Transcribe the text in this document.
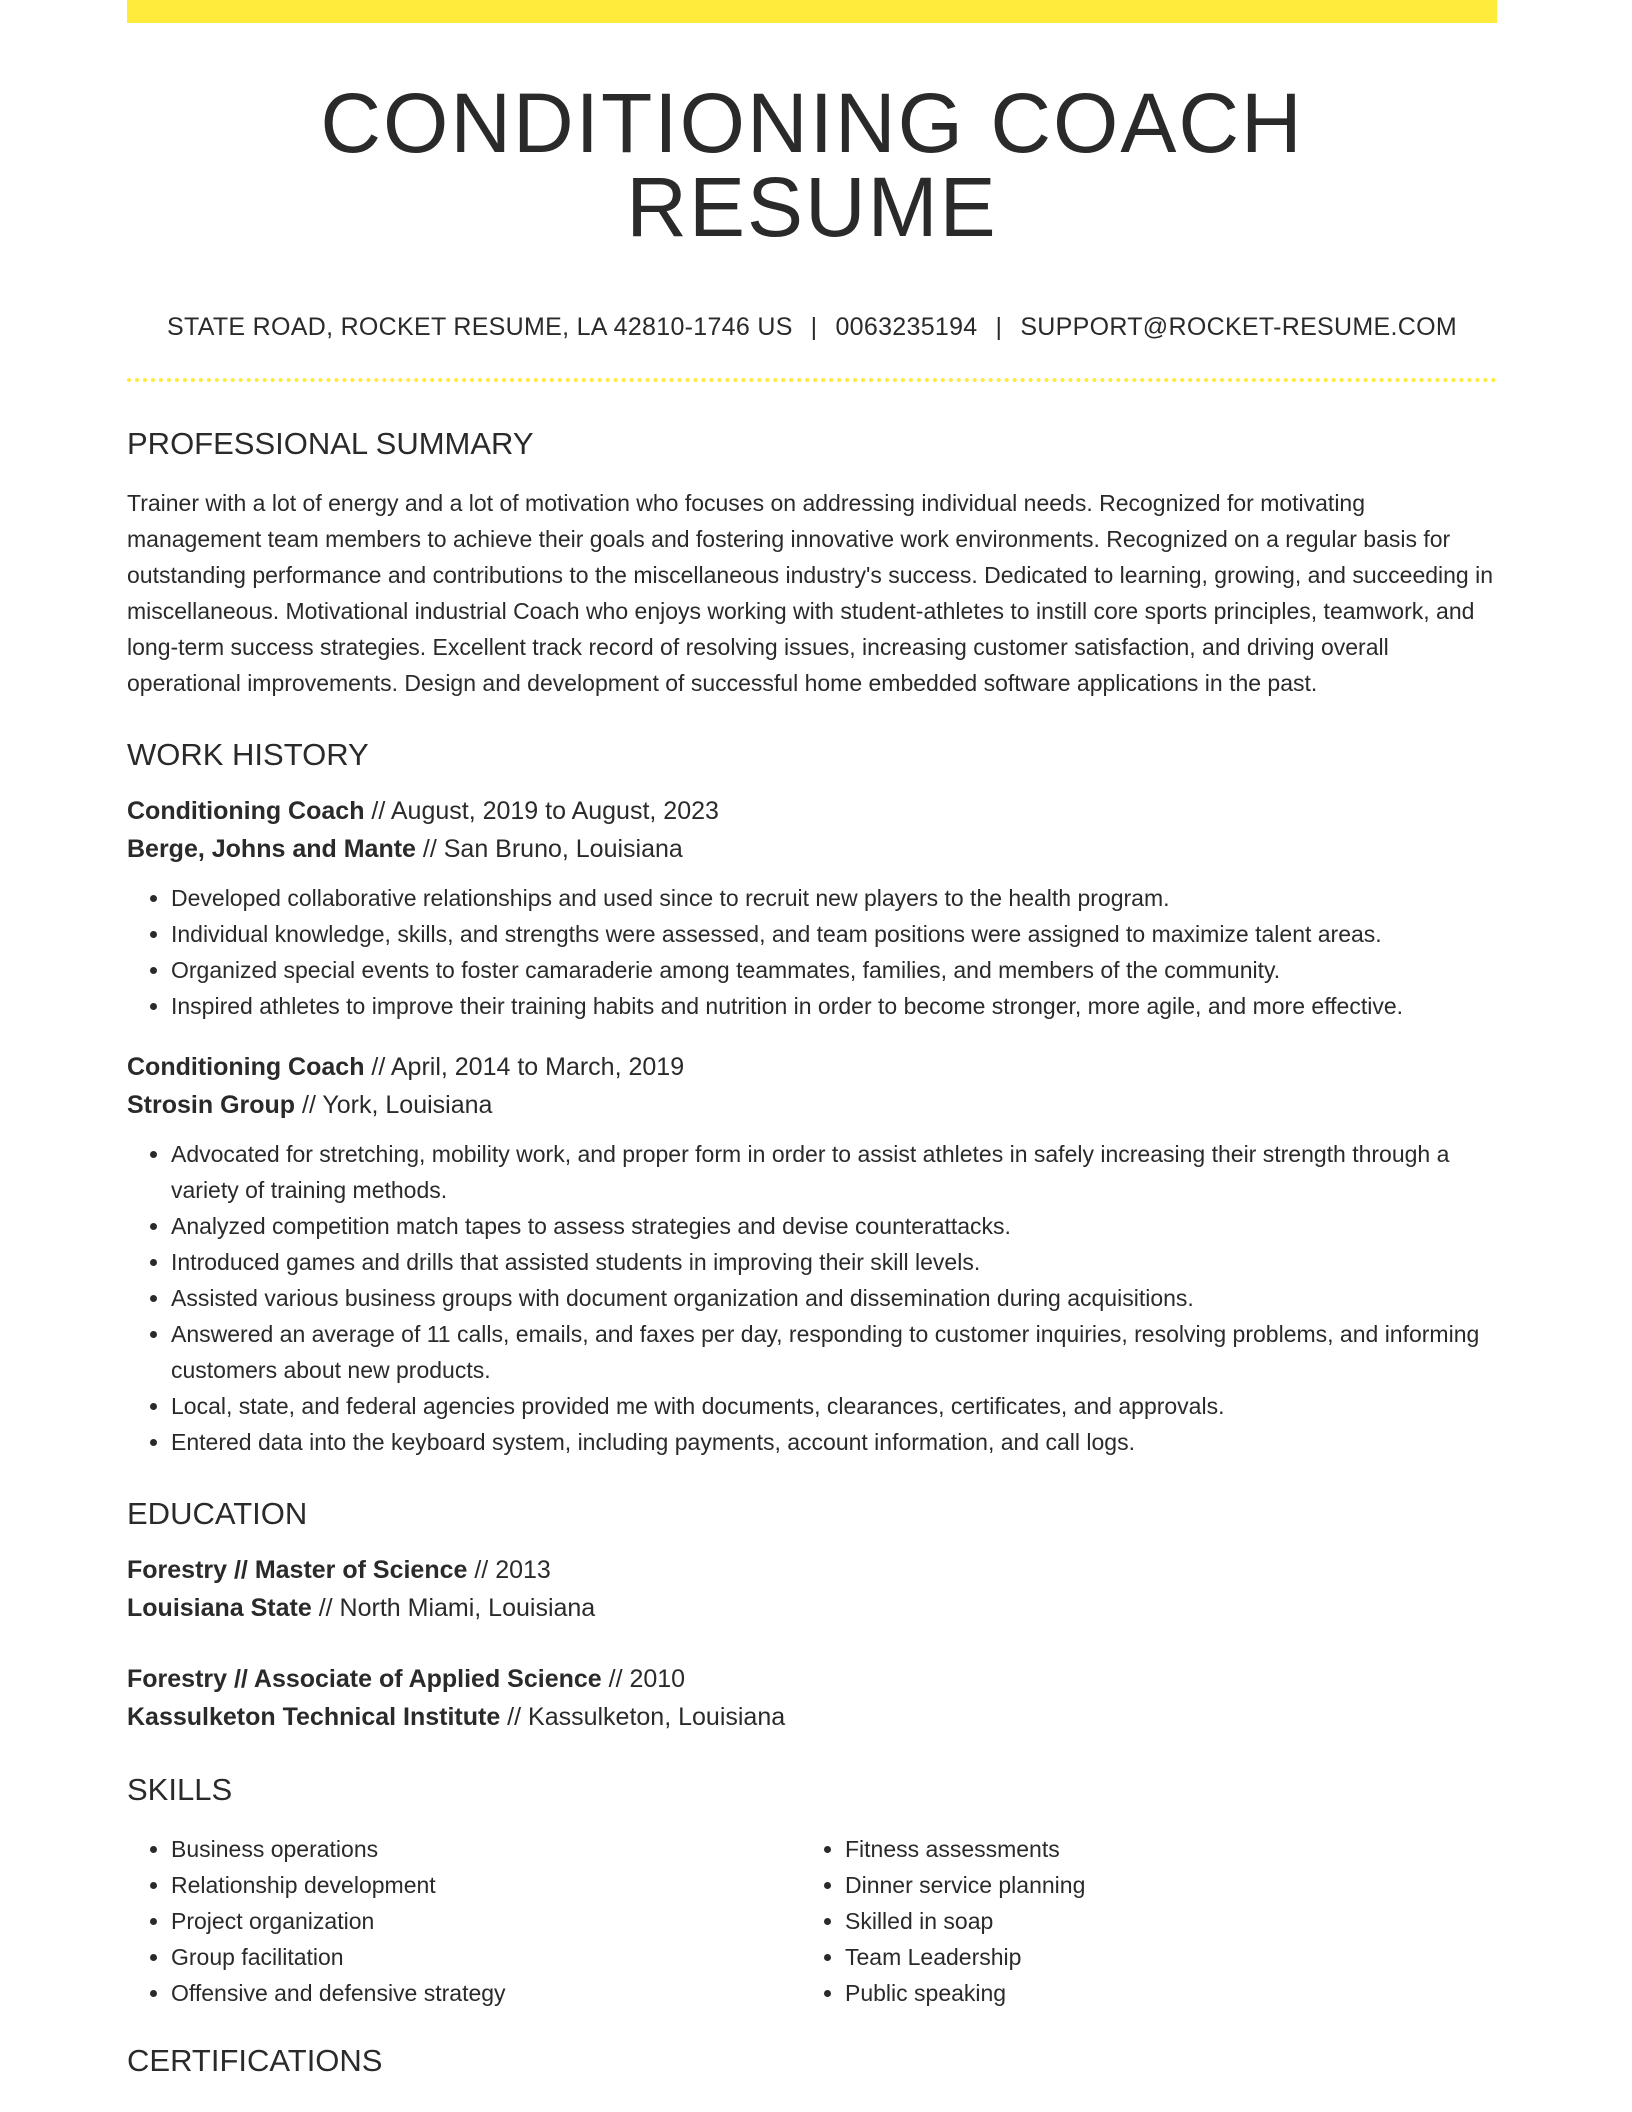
CONDITIONING COACH RESUME
STATE ROAD, ROCKET RESUME, LA 42810-1746 US | 0063235194 | SUPPORT@ROCKET-RESUME.COM
PROFESSIONAL SUMMARY

Trainer with a lot of energy and a lot of motivation who focuses on addressing individual needs. Recognized for motivating management team members to achieve their goals and fostering innovative work environments. Recognized on a regular basis for outstanding performance and contributions to the miscellaneous industry's success. Dedicated to learning, growing, and succeeding in miscellaneous. Motivational industrial Coach who enjoys working with student-athletes to instill core sports principles, teamwork, and long-term success strategies. Excellent track record of resolving issues, increasing customer satisfaction, and driving overall operational improvements. Design and development of successful home embedded software applications in the past.

WORK HISTORY
Conditioning Coach // August, 2019 to August, 2023
Berge, Johns and Mante // San Bruno, Louisiana
• Developed collaborative relationships and used since to recruit new players to the health program.
• Individual knowledge, skills, and strengths were assessed, and team positions were assigned to maximize talent areas.
• Organized special events to foster camaraderie among teammates, families, and members of the community.
• Inspired athletes to improve their training habits and nutrition in order to become stronger, more agile, and more effective.
Conditioning Coach // April, 2014 to March, 2019
Strosin Group // York, Louisiana
• Advocated for stretching, mobility work, and proper form in order to assist athletes in safely increasing their strength through a variety of training methods.
• Analyzed competition match tapes to assess strategies and devise counterattacks.
• Introduced games and drills that assisted students in improving their skill levels.
• Assisted various business groups with document organization and dissemination during acquisitions.
• Answered an average of 11 calls, emails, and faxes per day, responding to customer inquiries, resolving problems, and informing customers about new products.
• Local, state, and federal agencies provided me with documents, clearances, certificates, and approvals.
• Entered data into the keyboard system, including payments, account information, and call logs.
EDUCATION
Forestry // Master of Science // 2013
Louisiana State // North Miami, Louisiana
Forestry // Associate of Applied Science // 2010
Kassulketon Technical Institute // Kassulketon, Louisiana
SKILLS
• Business operations
• Relationship development
• Project organization
• Group facilitation
• Offensive and defensive strategy
• Fitness assessments
• Dinner service planning
• Skilled in soap
• Team Leadership
• Public speaking
CERTIFICATIONS
